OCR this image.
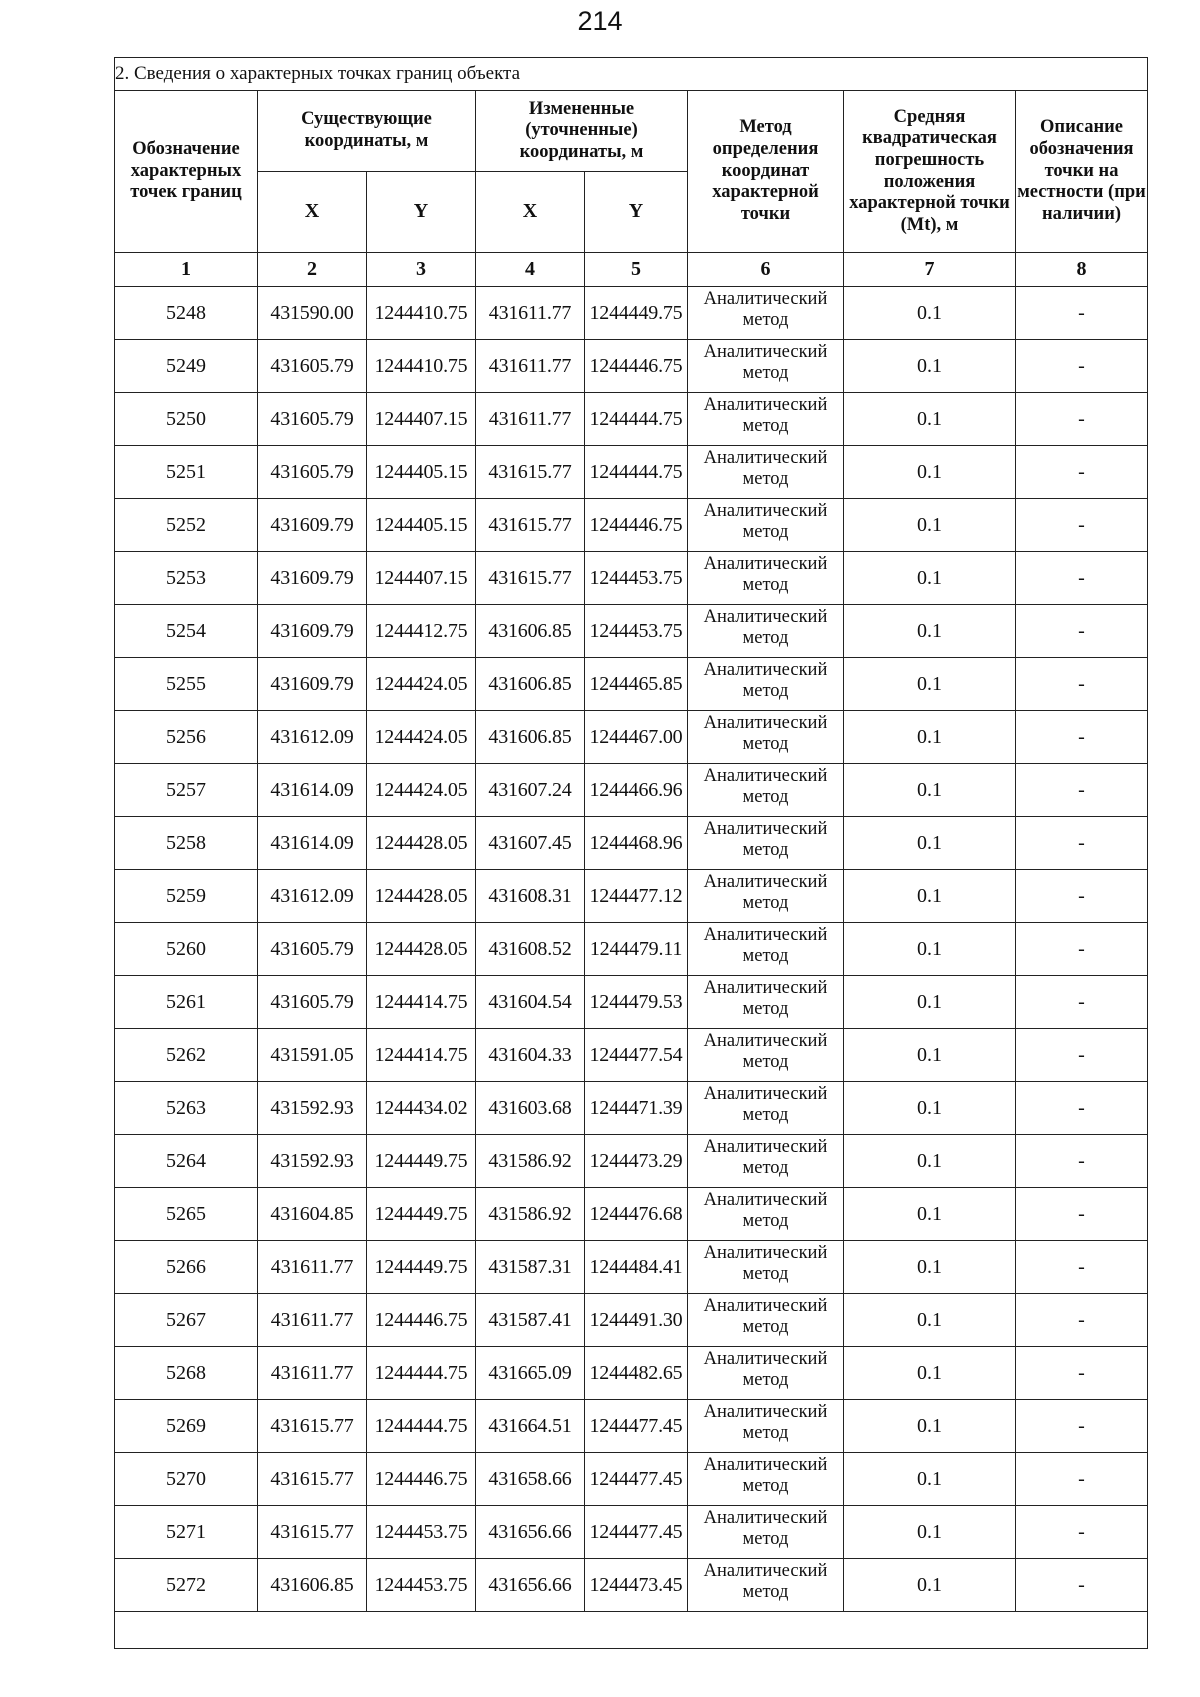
214
2. Сведения о характерных точках границ объекта							
Обозначение характерных точек границ	Существующие координаты, м		Измененные (уточненные) координаты, м		Метод определения координат характерной точки	Средняя квадратическая погрешность положения характерной точки (Mt), м	Описание обозначения точки на местности (при наличии)
	X	Y	X	Y			
1	2	3	4	5	6	7	8
5248	431590.00	1244410.75	431611.77	1244449.75	Аналитический метод	0.1	-
5249	431605.79	1244410.75	431611.77	1244446.75	Аналитический метод	0.1	-
5250	431605.79	1244407.15	431611.77	1244444.75	Аналитический метод	0.1	-
5251	431605.79	1244405.15	431615.77	1244444.75	Аналитический метод	0.1	-
5252	431609.79	1244405.15	431615.77	1244446.75	Аналитический метод	0.1	-
5253	431609.79	1244407.15	431615.77	1244453.75	Аналитический метод	0.1	-
5254	431609.79	1244412.75	431606.85	1244453.75	Аналитический метод	0.1	-
5255	431609.79	1244424.05	431606.85	1244465.85	Аналитический метод	0.1	-
5256	431612.09	1244424.05	431606.85	1244467.00	Аналитический метод	0.1	-
5257	431614.09	1244424.05	431607.24	1244466.96	Аналитический метод	0.1	-
5258	431614.09	1244428.05	431607.45	1244468.96	Аналитический метод	0.1	-
5259	431612.09	1244428.05	431608.31	1244477.12	Аналитический метод	0.1	-
5260	431605.79	1244428.05	431608.52	1244479.11	Аналитический метод	0.1	-
5261	431605.79	1244414.75	431604.54	1244479.53	Аналитический метод	0.1	-
5262	431591.05	1244414.75	431604.33	1244477.54	Аналитический метод	0.1	-
5263	431592.93	1244434.02	431603.68	1244471.39	Аналитический метод	0.1	-
5264	431592.93	1244449.75	431586.92	1244473.29	Аналитический метод	0.1	-
5265	431604.85	1244449.75	431586.92	1244476.68	Аналитический метод	0.1	-
5266	431611.77	1244449.75	431587.31	1244484.41	Аналитический метод	0.1	-
5267	431611.77	1244446.75	431587.41	1244491.30	Аналитический метод	0.1	-
5268	431611.77	1244444.75	431665.09	1244482.65	Аналитический метод	0.1	-
5269	431615.77	1244444.75	431664.51	1244477.45	Аналитический метод	0.1	-
5270	431615.77	1244446.75	431658.66	1244477.45	Аналитический метод	0.1	-
5271	431615.77	1244453.75	431656.66	1244477.45	Аналитический метод	0.1	-
5272	431606.85	1244453.75	431656.66	1244473.45	Аналитический метод	0.1	-
